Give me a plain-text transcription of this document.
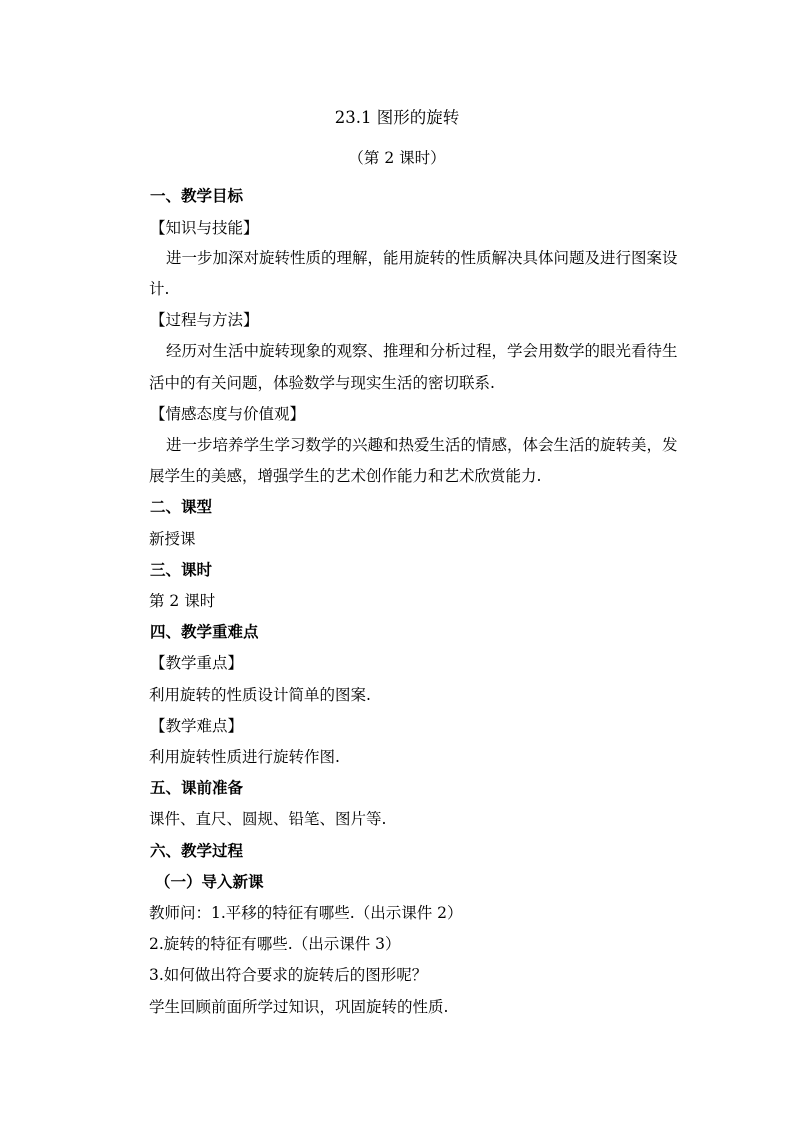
23.1 图形的旋转
（第 2 课时）
一、教学目标
【知识与技能】
进一步加深对旋转性质的理解，能用旋转的性质解决具体问题及进行图案设
计.
【过程与方法】
经历对生活中旋转现象的观察、推理和分析过程，学会用数学的眼光看待生
活中的有关问题，体验数学与现实生活的密切联系.
【情感态度与价值观】
进一步培养学生学习数学的兴趣和热爱生活的情感，体会生活的旋转美，发
展学生的美感，增强学生的艺术创作能力和艺术欣赏能力.
二、课型
新授课
三、课时
第 2 课时
四、教学重难点
【教学重点】
利用旋转的性质设计简单的图案.
【教学难点】
利用旋转性质进行旋转作图.
五、课前准备
课件、直尺、圆规、铅笔、图片等.
六、教学过程
（一）导入新课
教师问：1.平移的特征有哪些.（出示课件 2）
2.旋转的特征有哪些.（出示课件 3）
3.如何做出符合要求的旋转后的图形呢？
学生回顾前面所学过知识，巩固旋转的性质.
